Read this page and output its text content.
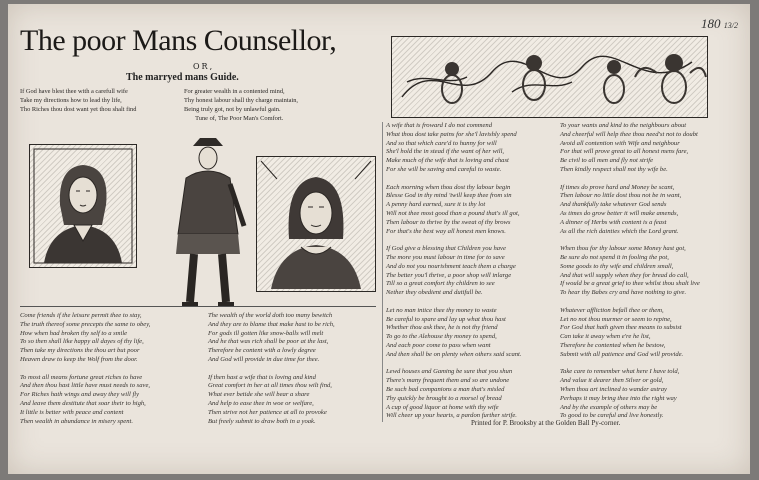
180 13/2
The poor Mans Counsellor,
OR,
The marryed mans Guide.
If God have blest thee with a carefull wife
Take my directions how to lead thy life,
Tho Riches thou dost want yet thou shalt find
For greater wealth in a contented mind,
Thy honest labour shall thy charge maintain,
Being truly got, not by unlawful gain.
Tune of, The Poor Man's Comfort.
Come friends if the leisure permit thee to stay,
The truth thereof some precepts the same to obey,
How when had broken thy self to a smile
To so then shall like happy all dayes of thy life,
Then take my directions the thou art but poor
Heaven draw to keep the Wolf from the door.

To most all means fortune great riches to have
And then thou hast little have must needs to save,
For Riches hath wings and away they will fly
And leave them destitute that soar their to high,
It little is better with peace and content
Then wealth in abundance in misery spent.
The wealth of the world doth too many bewitch
And they are to blame that make hast to be rich,
For gods ill gotten like snow-balls will melt
And he that was rich shall be poor at the last,
Therefore be content with a lowly degree
And God will provide in due time for thee.

If then hast a wife that is loving and kind
Great comfort in her at all times thou wilt find,
What ever betide she will bear a share
And help to ease thee in woe or welfare,
Then strive not her patience at all to provoke
But freely submit to draw both in a yoak.
A wife that is froward I do not commend
What thou dost take pains for she'l lavishly spend
And so that which care'd to hunny for will
She'l hold the in stead if the want of her will,
Make much of the wife that is loving and chast
For she will be saving and careful to waste.

Each morning when thou dost thy labour begin
Blesse God in thy mind 'twill keep thee from sin
A penny hard earned, sure it is thy lot
Will not thee most good than a pound that's ill got,
Then labour to thrive by the sweat of thy brows
For that's the best way all honest men knows.

If God give a blessing that Children you have
The more you must labour in time for to save
And do not you nourishment teach them a charge
The better you'l thrive, a poor shop will inlarge
Till so a great comfort thy children to see
Nether they obedient and dutifull be.

Let no man intice thee thy money to waste
Be careful to spare and lay up what thou hast
Whether thou ask thee, he is not thy friend
To go to the Alehouse thy money to spend,
And each poor come to pass when want
And then shall be on plenty when others said scant.

Lewd houses and Gaming be sure that you shun
There's many frequent them and so are undone
Be such bad companions a man that's misled
Thy quickly be brought to a morsel of bread
A cup of good liquor at home with thy wife
Will cheer up your hearts, a pardon further strife.
To your wants and kind to the neighbours about
And cheerful will help thee thou need'st not to doubt
Avoid all contention with Wife and neighbour
For that will prove great to all honest mens fare,
Be civil to all men and fly not strife
Then kindly respect shall not thy wife be.

If times do prove hard and Money be scant,
Then labour no little dost thou not be in want,
And thankfully take whatever God sends
As times do grow better it will make amends,
A dinner of Herbs with content is a feast
As all the rich dainties which the Lord grant.

When thou for thy labour some Money hast got,
Be sure do not spend it in fooling the pot,
Some goods to thy wife and children small,
And that will supply when they for bread do call,
If would be a great grief to thee whilst thou shalt live
To hear thy Babes cry and have nothing to give.

Whatever affliction befall thee or them,
Let no not thou murmer or seem to repine,
For God that hath given thee means to subsist
Can take it away when e're he list,
Therefore be contented when he bestow,
Submit with all patience and God will provide.

Take care to remember what here I have told,
And value it dearer then Silver or gold,
When thou art inclined to wander astray
Perhaps it may bring thee into the right way
And by the example of others may be
To good to be careful and live honestly.
Printed for P. Brooksby at the Golden Ball Py-corner.
